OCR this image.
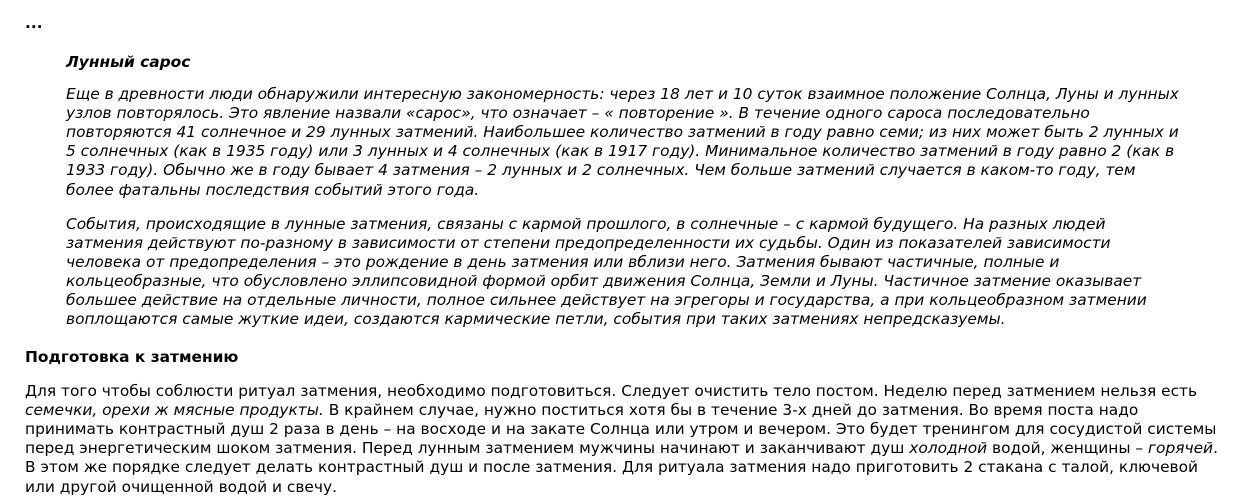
...
Лунный сарос

Еще в древности люди обнаружили интересную закономерность: через 18 лет и 10 суток взаимное положение Солнца, Луны и лунных узлов повторялось. Это явление назвали «сарос», что означает – « повторение ». В течение одного сароса последовательно повторяются 41 солнечное и 29 лунных затмений. Наибольшее количество затмений в году равно семи; из них может быть 2 лунных и 5 солнечных (как в 1935 году) или 3 лунных и 4 солнечных (как в 1917 году). Минимальное количество затмений в году равно 2 (как в 1933 году). Обычно же в году бывает 4 затмения – 2 лунных и 2 солнечных. Чем больше затмений случается в каком-то году, тем более фатальны последствия событий этого года.

События, происходящие в лунные затмения, связаны с кармой прошлого, в солнечные – с кармой будущего. На разных людей затмения действуют по-разному в зависимости от степени предопределенности их судьбы. Один из показателей зависимости человека от предопределения – это рождение в день затмения или вблизи него. Затмения бывают частичные, полные и кольцеобразные, что обусловлено эллипсовидной формой орбит движения Солнца, Земли и Луны. Частичное затмение оказывает большее действие на отдельные личности, полное сильнее действует на эгрегоры и государства, а при кольцеобразном затмении воплощаются самые жуткие идеи, создаются кармические петли, события при таких затмениях непредсказуемы.

Подготовка к затмению

Для того чтобы соблюсти ритуал затмения, необходимо подготовиться. Следует очистить тело постом. Неделю перед затмением нельзя есть семечки, орехи ж мясные продукты. В крайнем случае, нужно поститься хотя бы в течение 3-х дней до затмения. Во время поста надо принимать контрастный душ 2 раза в день – на восходе и на закате Солнца или утром и вечером. Это будет тренингом для сосудистой системы перед энергетическим шоком затмения. Перед лунным затмением мужчины начинают и заканчивают душ холодной водой, женщины – горячей. В этом же порядке следует делать контрастный душ и после затмения. Для ритуала затмения надо приготовить 2 стакана с талой, ключевой или другой очищенной водой и свечу.
